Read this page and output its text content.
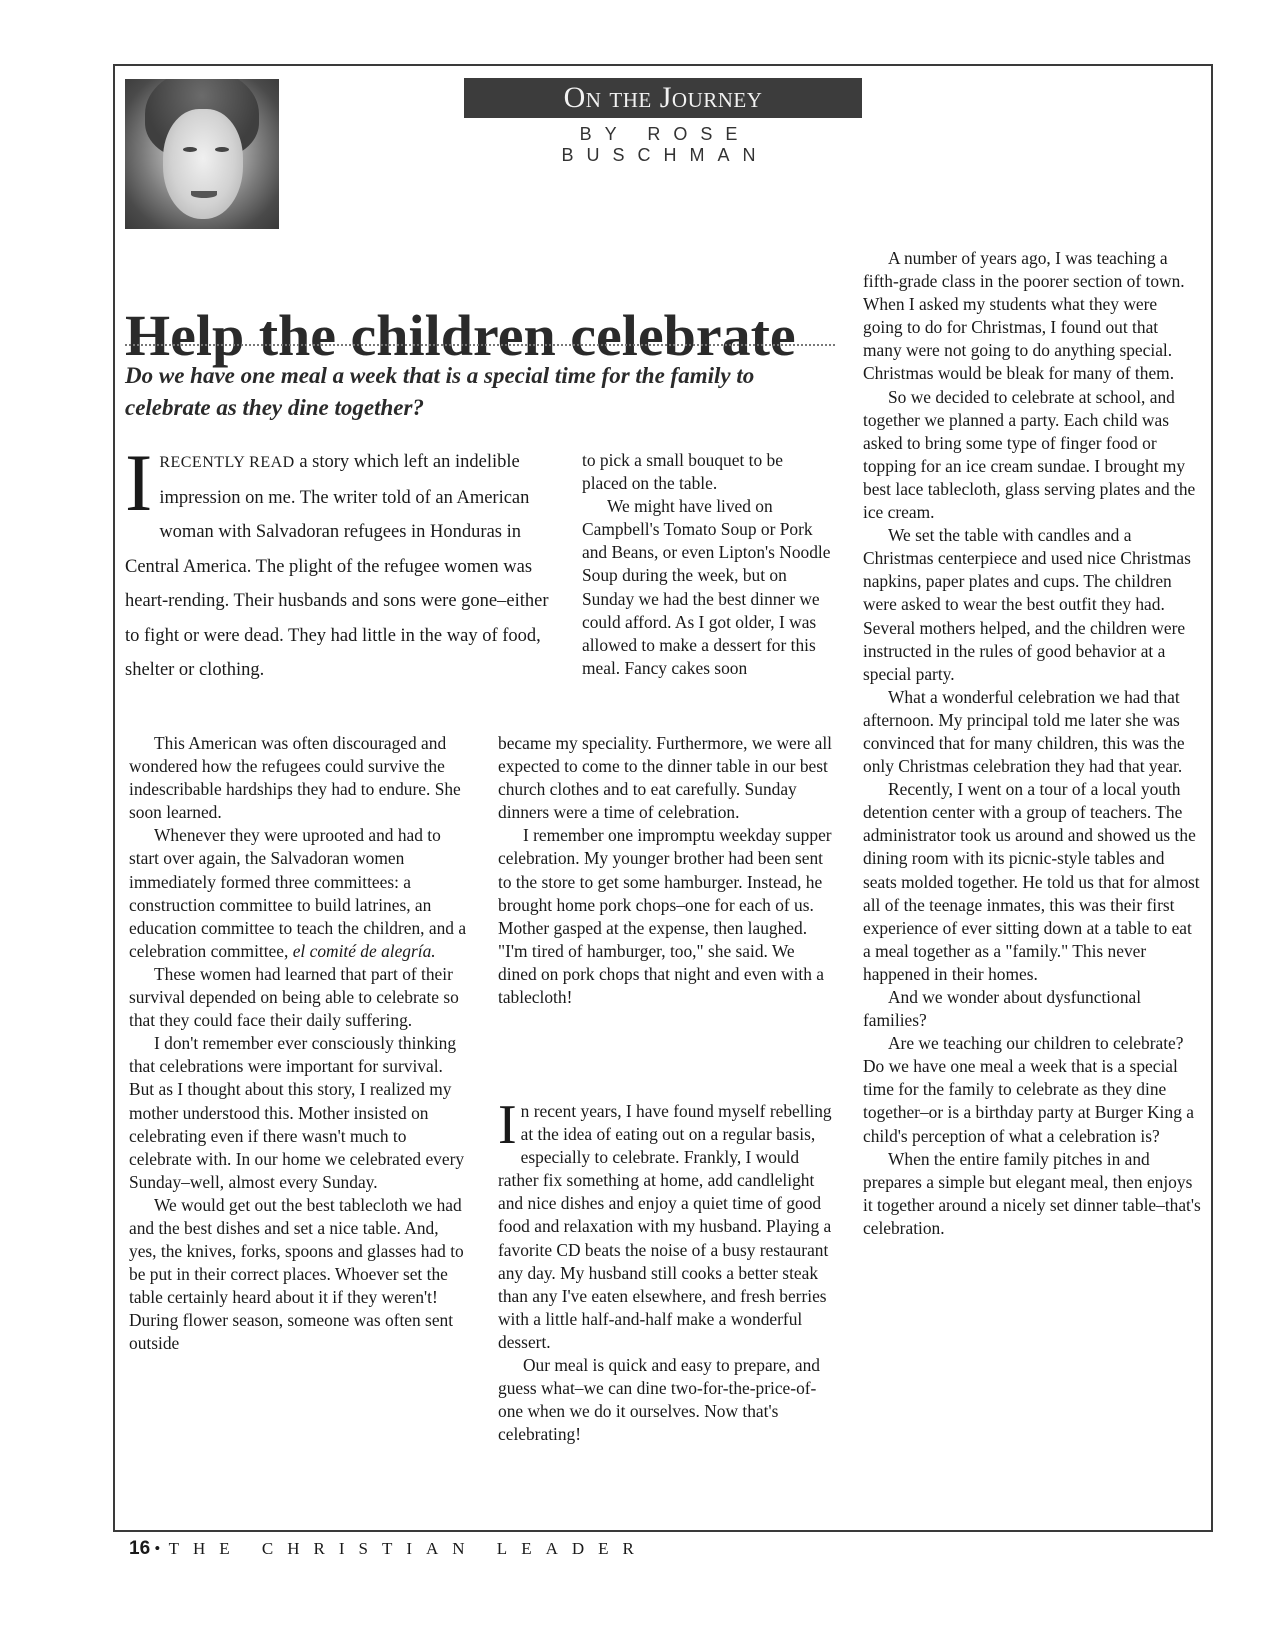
On the Journey
BY ROSE BUSCHMAN
Help the children celebrate
Do we have one meal a week that is a special time for the family to celebrate as they dine together?
IRECENTLY READ a story which left an indelible impression on me. The writer told of an American woman with Salvadoran refugees in Honduras in Central America. The plight of the refugee women was heart-rending. Their husbands and sons were gone–either to fight or were dead. They had little in the way of food, shelter or clothing.

This American was often discouraged and wondered how the refugees could survive the indescribable hardships they had to endure. She soon learned.

Whenever they were uprooted and had to start over again, the Salvadoran women immediately formed three committees: a construction committee to build latrines, an education committee to teach the children, and a celebration committee, el comité de alegría.

These women had learned that part of their survival depended on being able to celebrate so that they could face their daily suffering.

I don't remember ever consciously thinking that celebrations were important for survival. But as I thought about this story, I realized my mother understood this. Mother insisted on celebrating even if there wasn't much to celebrate with. In our home we celebrated every Sunday–well, almost every Sunday.

We would get out the best tablecloth we had and the best dishes and set a nice table. And, yes, the knives, forks, spoons and glasses had to be put in their correct places. Whoever set the table certainly heard about it if they weren't! During flower season, someone was often sent outside

to pick a small bouquet to be placed on the table.

We might have lived on Campbell's Tomato Soup or Pork and Beans, or even Lipton's Noodle Soup during the week, but on Sunday we had the best dinner we could afford. As I got older, I was allowed to make a dessert for this meal. Fancy cakes soon

became my speciality. Furthermore, we were all expected to come to the dinner table in our best church clothes and to eat carefully. Sunday dinners were a time of celebration.

I remember one impromptu weekday supper celebration. My younger brother had been sent to the store to get some hamburger. Instead, he brought home pork chops–one for each of us. Mother gasped at the expense, then laughed. "I'm tired of hamburger, too," she said. We dined on pork chops that night and even with a tablecloth!

In recent years, I have found myself rebelling at the idea of eating out on a regular basis, especially to celebrate. Frankly, I would rather fix something at home, add candlelight and nice dishes and enjoy a quiet time of good food and relaxation with my husband. Playing a favorite CD beats the noise of a busy restaurant any day. My husband still cooks a better steak than any I've eaten elsewhere, and fresh berries with a little half-and-half make a wonderful dessert.

Our meal is quick and easy to prepare, and guess what–we can dine two-for-the-price-of-one when we do it ourselves. Now that's celebrating!

A number of years ago, I was teaching a fifth-grade class in the poorer section of town. When I asked my students what they were going to do for Christmas, I found out that many were not going to do anything special. Christmas would be bleak for many of them.

So we decided to celebrate at school, and together we planned a party. Each child was asked to bring some type of finger food or topping for an ice cream sundae. I brought my best lace tablecloth, glass serving plates and the ice cream.

We set the table with candles and a Christmas centerpiece and used nice Christmas napkins, paper plates and cups. The children were asked to wear the best outfit they had. Several mothers helped, and the children were instructed in the rules of good behavior at a special party.

What a wonderful celebration we had that afternoon. My principal told me later she was convinced that for many children, this was the only Christmas celebration they had that year.

Recently, I went on a tour of a local youth detention center with a group of teachers. The administrator took us around and showed us the dining room with its picnic-style tables and seats molded together. He told us that for almost all of the teenage inmates, this was their first experience of ever sitting down at a table to eat a meal together as a "family." This never happened in their homes.

And we wonder about dysfunctional families?

Are we teaching our children to celebrate? Do we have one meal a week that is a special time for the family to celebrate as they dine together–or is a birthday party at Burger King a child's perception of what a celebration is?

When the entire family pitches in and prepares a simple but elegant meal, then enjoys it together around a nicely set dinner table–that's celebration.

16 • THE CHRISTIAN LEADER
